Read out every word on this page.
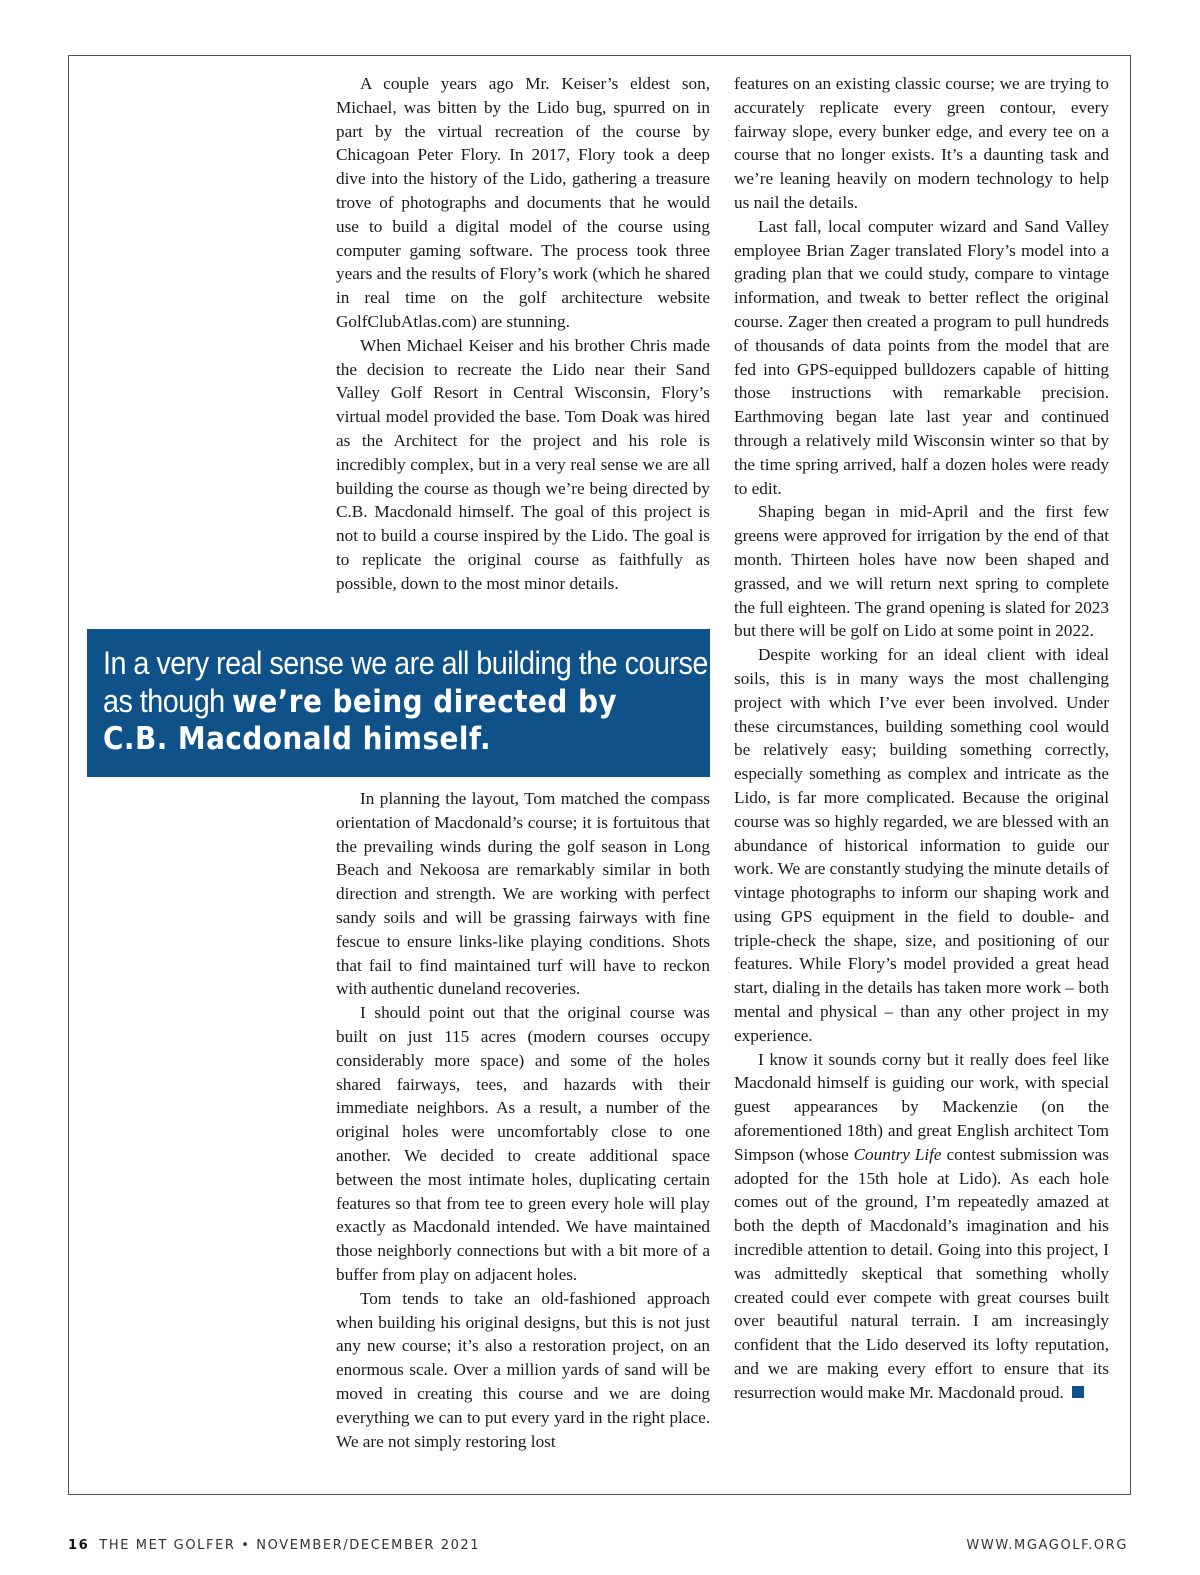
A couple years ago Mr. Keiser’s eldest son, Michael, was bitten by the Lido bug, spurred on in part by the virtual recreation of the course by Chicagoan Peter Flory. In 2017, Flory took a deep dive into the history of the Lido, gathering a treasure trove of photographs and documents that he would use to build a digital model of the course using computer gaming software. The process took three years and the results of Flory’s work (which he shared in real time on the golf architecture website GolfClubAtlas.com) are stunning.

When Michael Keiser and his brother Chris made the decision to recreate the Lido near their Sand Valley Golf Resort in Central Wisconsin, Flory’s virtual model provided the base. Tom Doak was hired as the Architect for the project and his role is incredibly complex, but in a very real sense we are all building the course as though we’re being directed by C.B. Macdonald himself. The goal of this project is not to build a course inspired by the Lido. The goal is to replicate the original course as faithfully as possible, down to the most minor details.

In a very real sense we are all building the course
as though we’re being directed by
C.B. Macdonald himself.

In planning the layout, Tom matched the compass orientation of Macdonald’s course; it is fortuitous that the prevailing winds during the golf season in Long Beach and Nekoosa are remarkably similar in both direction and strength. We are working with perfect sandy soils and will be grassing fairways with fine fescue to ensure links-like playing conditions. Shots that fail to find maintained turf will have to reckon with authentic duneland recoveries.

I should point out that the original course was built on just 115 acres (modern courses occupy considerably more space) and some of the holes shared fairways, tees, and hazards with their immediate neighbors. As a result, a number of the original holes were uncomfortably close to one another. We decided to create additional space between the most intimate holes, duplicating certain features so that from tee to green every hole will play exactly as Macdonald intended. We have maintained those neighborly connections but with a bit more of a buffer from play on adjacent holes.

Tom tends to take an old-fashioned approach when building his original designs, but this is not just any new course; it’s also a restoration project, on an enormous scale. Over a million yards of sand will be moved in creating this course and we are doing everything we can to put every yard in the right place. We are not simply restoring lost

features on an existing classic course; we are trying to accurately replicate every green contour, every fairway slope, every bunker edge, and every tee on a course that no longer exists. It’s a daunting task and we’re leaning heavily on modern technology to help us nail the details.

Last fall, local computer wizard and Sand Valley employee Brian Zager translated Flory’s model into a grading plan that we could study, compare to vintage information, and tweak to better reflect the original course. Zager then created a program to pull hundreds of thousands of data points from the model that are fed into GPS-equipped bulldozers capable of hitting those instructions with remarkable precision. Earthmoving began late last year and continued through a relatively mild Wisconsin winter so that by the time spring arrived, half a dozen holes were ready to edit.

Shaping began in mid-April and the first few greens were approved for irrigation by the end of that month. Thirteen holes have now been shaped and grassed, and we will return next spring to complete the full eighteen. The grand opening is slated for 2023 but there will be golf on Lido at some point in 2022.

Despite working for an ideal client with ideal soils, this is in many ways the most challenging project with which I’ve ever been involved. Under these circumstances, building something cool would be relatively easy; building something correctly, especially something as complex and intricate as the Lido, is far more complicated. Because the original course was so highly regarded, we are blessed with an abundance of historical information to guide our work. We are constantly studying the minute details of vintage photographs to inform our shaping work and using GPS equipment in the field to double- and triple-check the shape, size, and positioning of our features. While Flory’s model provided a great head start, dialing in the details has taken more work – both mental and physical – than any other project in my experience.

I know it sounds corny but it really does feel like Macdonald himself is guiding our work, with special guest appearances by Mackenzie (on the aforementioned 18th) and great English architect Tom Simpson (whose Country Life contest submission was adopted for the 15th hole at Lido). As each hole comes out of the ground, I’m repeatedly amazed at both the depth of Macdonald’s imagination and his incredible attention to detail. Going into this project, I was admittedly skeptical that something wholly created could ever compete with great courses built over beautiful natural terrain. I am increasingly confident that the Lido deserved its lofty reputation, and we are making every effort to ensure that its resurrection would make Mr. Macdonald proud.

16 THE MET GOLFER • NOVEMBER/DECEMBER 2021	WWW.MGAGOLF.ORG
